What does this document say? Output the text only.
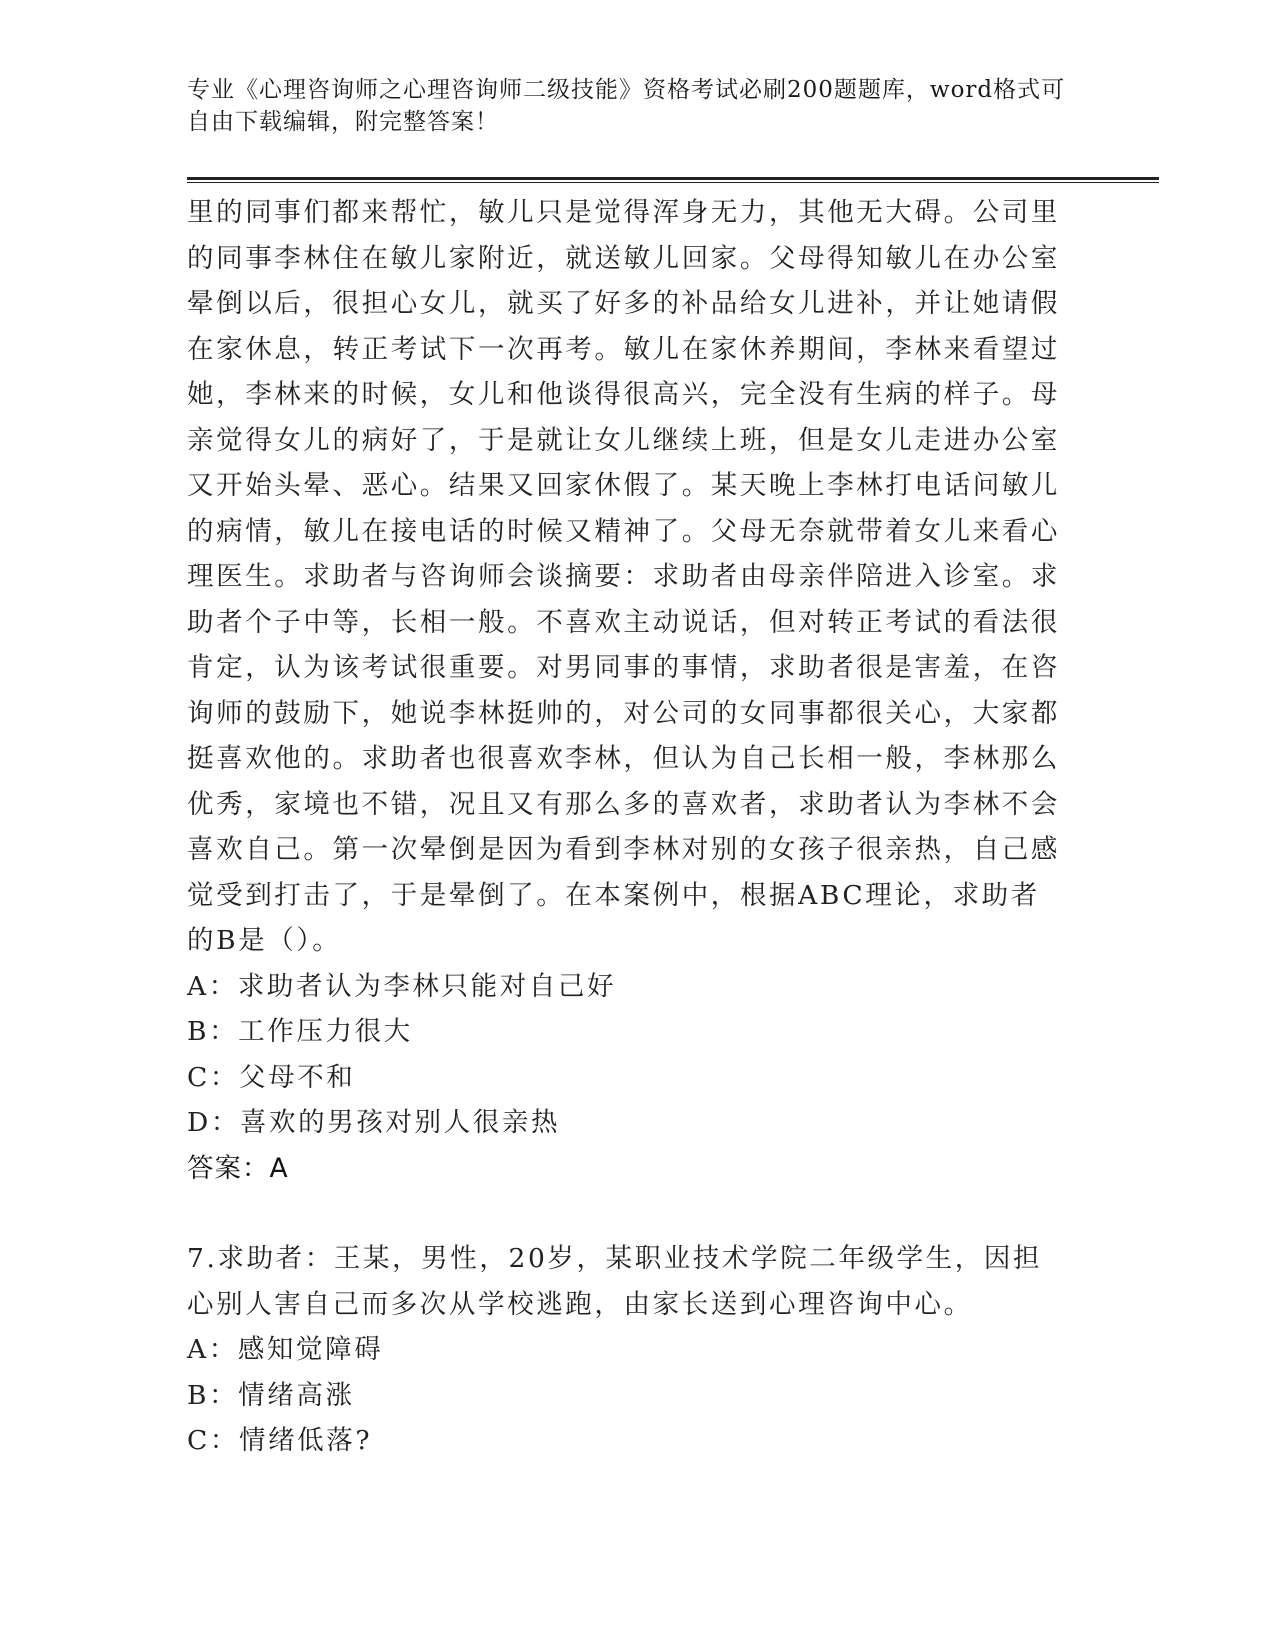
专业《心理咨询师之心理咨询师二级技能》资格考试必刷200题题库，word格式可自由下载编辑，附完整答案！

里的同事们都来帮忙，敏儿只是觉得浑身无力，其他无大碍。公司里的同事李林住在敏儿家附近，就送敏儿回家。父母得知敏儿在办公室晕倒以后，很担心女儿，就买了好多的补品给女儿进补，并让她请假在家休息，转正考试下一次再考。敏儿在家休养期间，李林来看望过她，李林来的时候，女儿和他谈得很高兴，完全没有生病的样子。母亲觉得女儿的病好了，于是就让女儿继续上班，但是女儿走进办公室又开始头晕、恶心。结果又回家休假了。某天晚上李林打电话问敏儿的病情，敏儿在接电话的时候又精神了。父母无奈就带着女儿来看心理医生。求助者与咨询师会谈摘要：求助者由母亲伴陪进入诊室。求助者个子中等，长相一般。不喜欢主动说话，但对转正考试的看法很肯定，认为该考试很重要。对男同事的事情，求助者很是害羞，在咨询师的鼓励下，她说李林挺帅的，对公司的女同事都很关心，大家都挺喜欢他的。求助者也很喜欢李林，但认为自己长相一般，李林那么优秀，家境也不错，况且又有那么多的喜欢者，求助者认为李林不会喜欢自己。第一次晕倒是因为看到李林对别的女孩子很亲热，自己感觉受到打击了，于是晕倒了。在本案例中，根据ABC理论，求助者的B是（）。

A：求助者认为李林只能对自己好

B：工作压力很大

C：父母不和

D：喜欢的男孩对别人很亲热

答案：A

7.求助者：王某，男性，20岁，某职业技术学院二年级学生，因担心别人害自己而多次从学校逃跑，由家长送到心理咨询中心。

A：感知觉障碍

B：情绪高涨

C：情绪低落?
